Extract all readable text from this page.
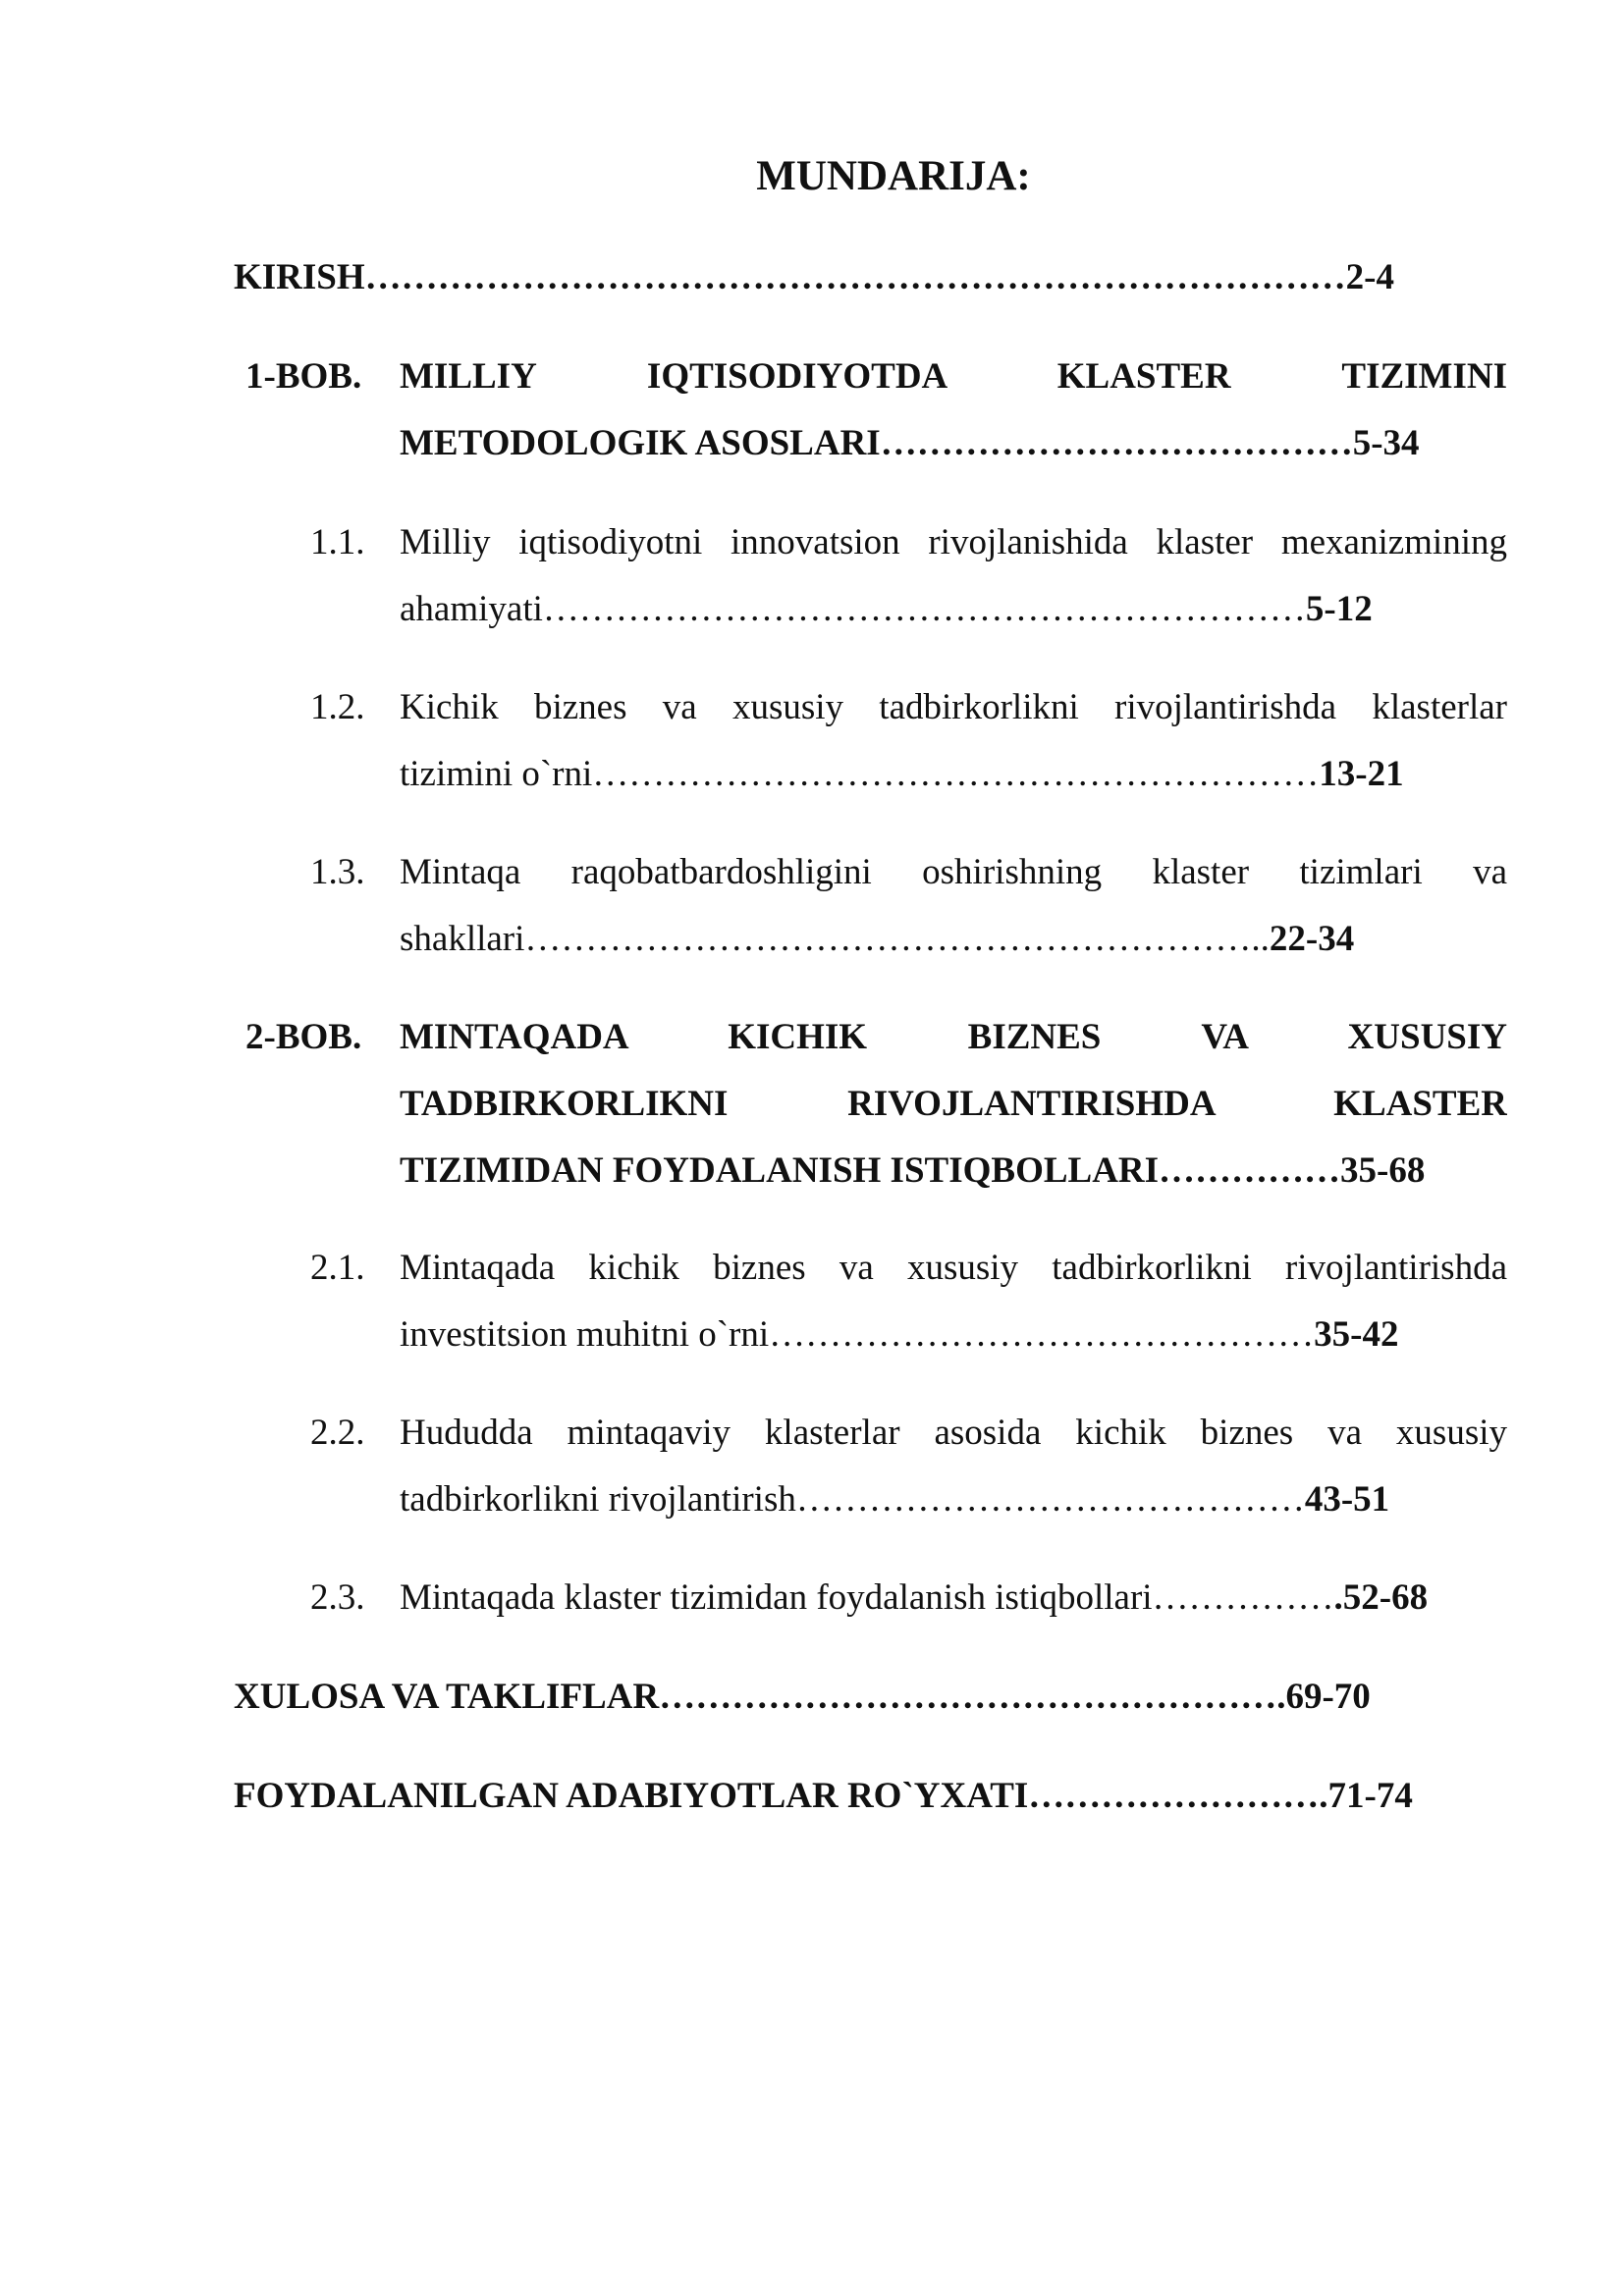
MUNDARIJA:
KIRISH………………………………………………………………………2-4
1-BOB. MILLIY IQTISODIYOTDA KLASTER TIZIMINI
METODOLOGIK ASOSLARI…………………………………5-34
1.1. Milliy iqtisodiyotni innovatsion rivojlanishida klaster mexanizmining
ahamiyati………………………………………………………5-12
1.2. Kichik biznes va xususiy tadbirkorlikni rivojlantirishda klasterlar
tizimini o`rni……………………………………………………13-21
1.3. Mintaqa raqobatbardoshligini oshirishning klaster tizimlari va
shakllari……………………………………………………..22-34
2-BOB. MINTAQADA KICHIK BIZNES VA XUSUSIY
TADBIRKORLIKNI RIVOJLANTIRISHDA KLASTER
TIZIMIDAN FOYDALANISH ISTIQBOLLARI……………35-68
2.1. Mintaqada kichik biznes va xususiy tadbirkorlikni rivojlantirishda
investitsion muhitni o`rni………………………………………35-42
2.2. Hududda mintaqaviy klasterlar asosida kichik biznes va xususiy
tadbirkorlikni rivojlantirish……………………………………43-51
2.3. Mintaqada klaster tizimidan foydalanish istiqbollari…………….52-68
XULOSA VA TAKLIFLAR…………………………………………….69-70
FOYDALANILGAN ADABIYOTLAR RO`YXATI…………………….71-74
